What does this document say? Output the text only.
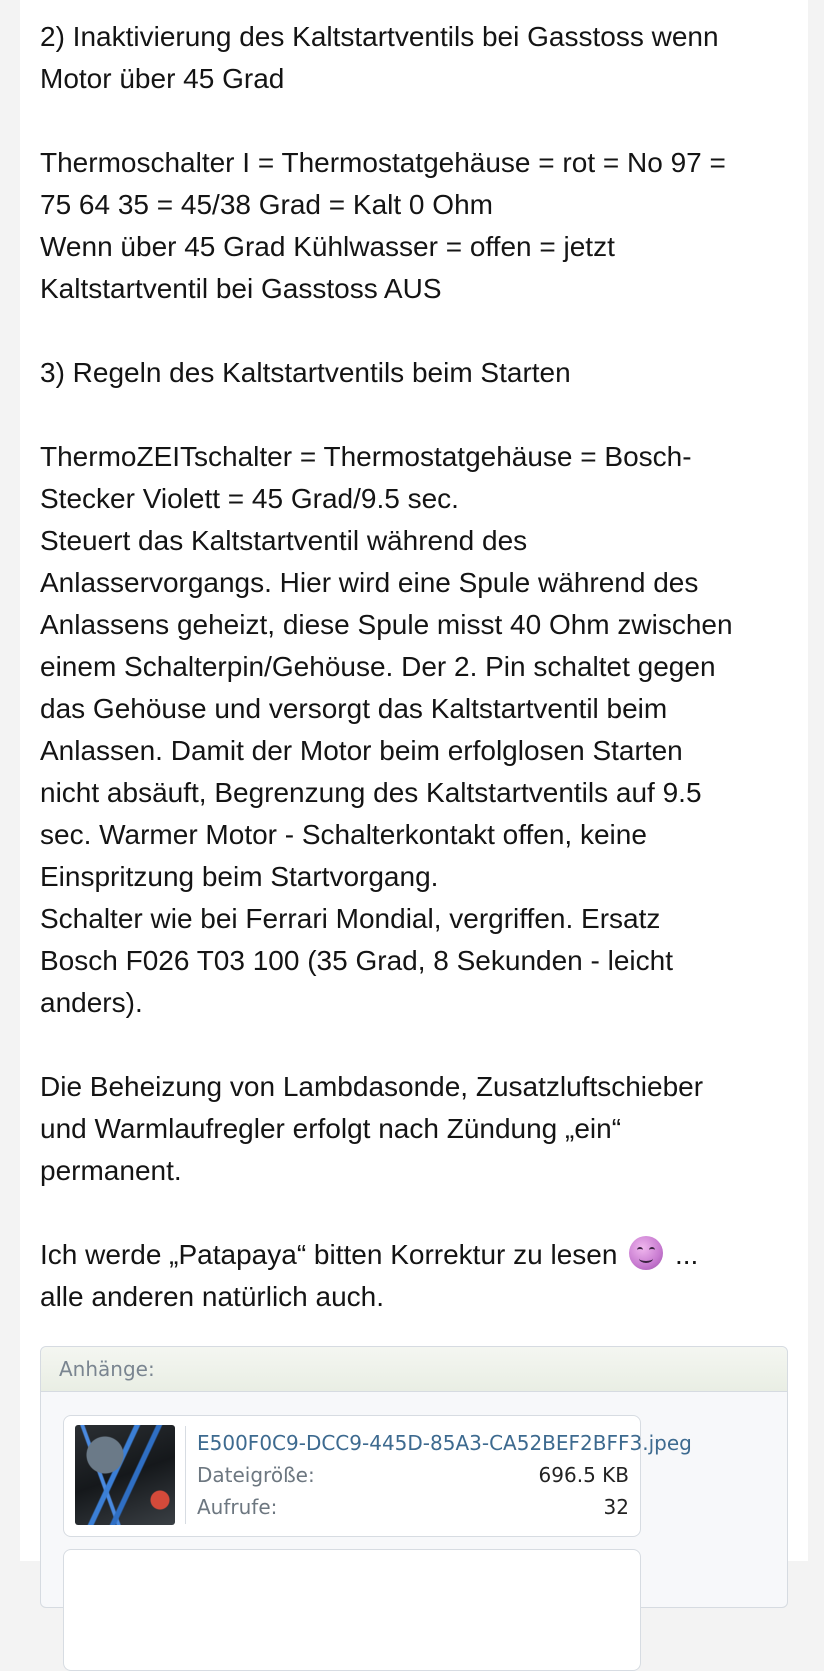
2) Inaktivierung des Kaltstartventils bei Gasstoss wenn

Motor über 45 Grad

Thermoschalter I = Thermostatgehäuse = rot = No 97 =

75 64 35 = 45/38 Grad = Kalt 0 Ohm

Wenn über 45 Grad Kühlwasser = offen = jetzt

Kaltstartventil bei Gasstoss AUS

3) Regeln des Kaltstartventils beim Starten

ThermoZEITschalter = Thermostatgehäuse = Bosch-

Stecker Violett = 45 Grad/9.5 sec.

Steuert das Kaltstartventil während des

Anlasservorgangs. Hier wird eine Spule während des

Anlassens geheizt, diese Spule misst 40 Ohm zwischen

einem Schalterpin/Gehöuse. Der 2. Pin schaltet gegen

das Gehöuse und versorgt das Kaltstartventil beim

Anlassen. Damit der Motor beim erfolglosen Starten

nicht absäuft, Begrenzung des Kaltstartventils auf 9.5

sec. Warmer Motor - Schalterkontakt offen, keine

Einspritzung beim Startvorgang.

Schalter wie bei Ferrari Mondial, vergriffen. Ersatz

Bosch F026 T03 100 (35 Grad, 8 Sekunden - leicht

anders).

Die Beheizung von Lambdasonde, Zusatzluftschieber

und Warmlaufregler erfolgt nach Zündung „ein“

permanent.

Ich werde „Patapaya“ bitten Korrektur zu lesen ...

alle anderen natürlich auch.

Anhänge:
E500F0C9-DCC9-445D-85A3-CA52BEF2BFF3.jpeg
Dateigröße:	696.5 KB
Aufrufe:	32
